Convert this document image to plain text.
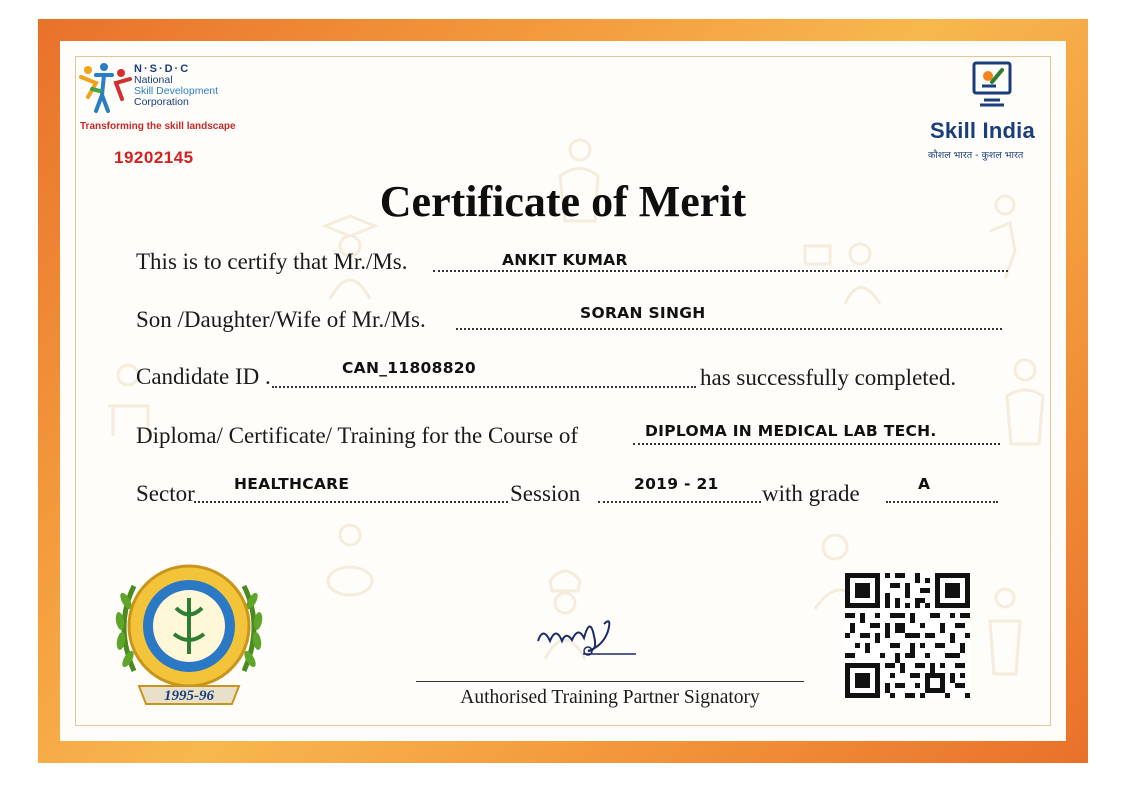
N·S·D·C
National
Skill Development
Corporation
Transforming the skill landscape
19202145
Skill India
कौशल भारत - कुशल भारत
Certificate of Merit
This is to certify that Mr./Ms.	ANKIT KUMAR
Son /Daughter/Wife of Mr./Ms.	SORAN SINGH
Candidate ID .	CAN_11808820	has successfully completed.
Diploma/ Certificate/ Training for the Course of	DIPLOMA IN MEDICAL LAB TECH.
Sector	HEALTHCARE	Session	2019 - 21 with grade	A
1995-96	Authorised Training Partner Signatory
